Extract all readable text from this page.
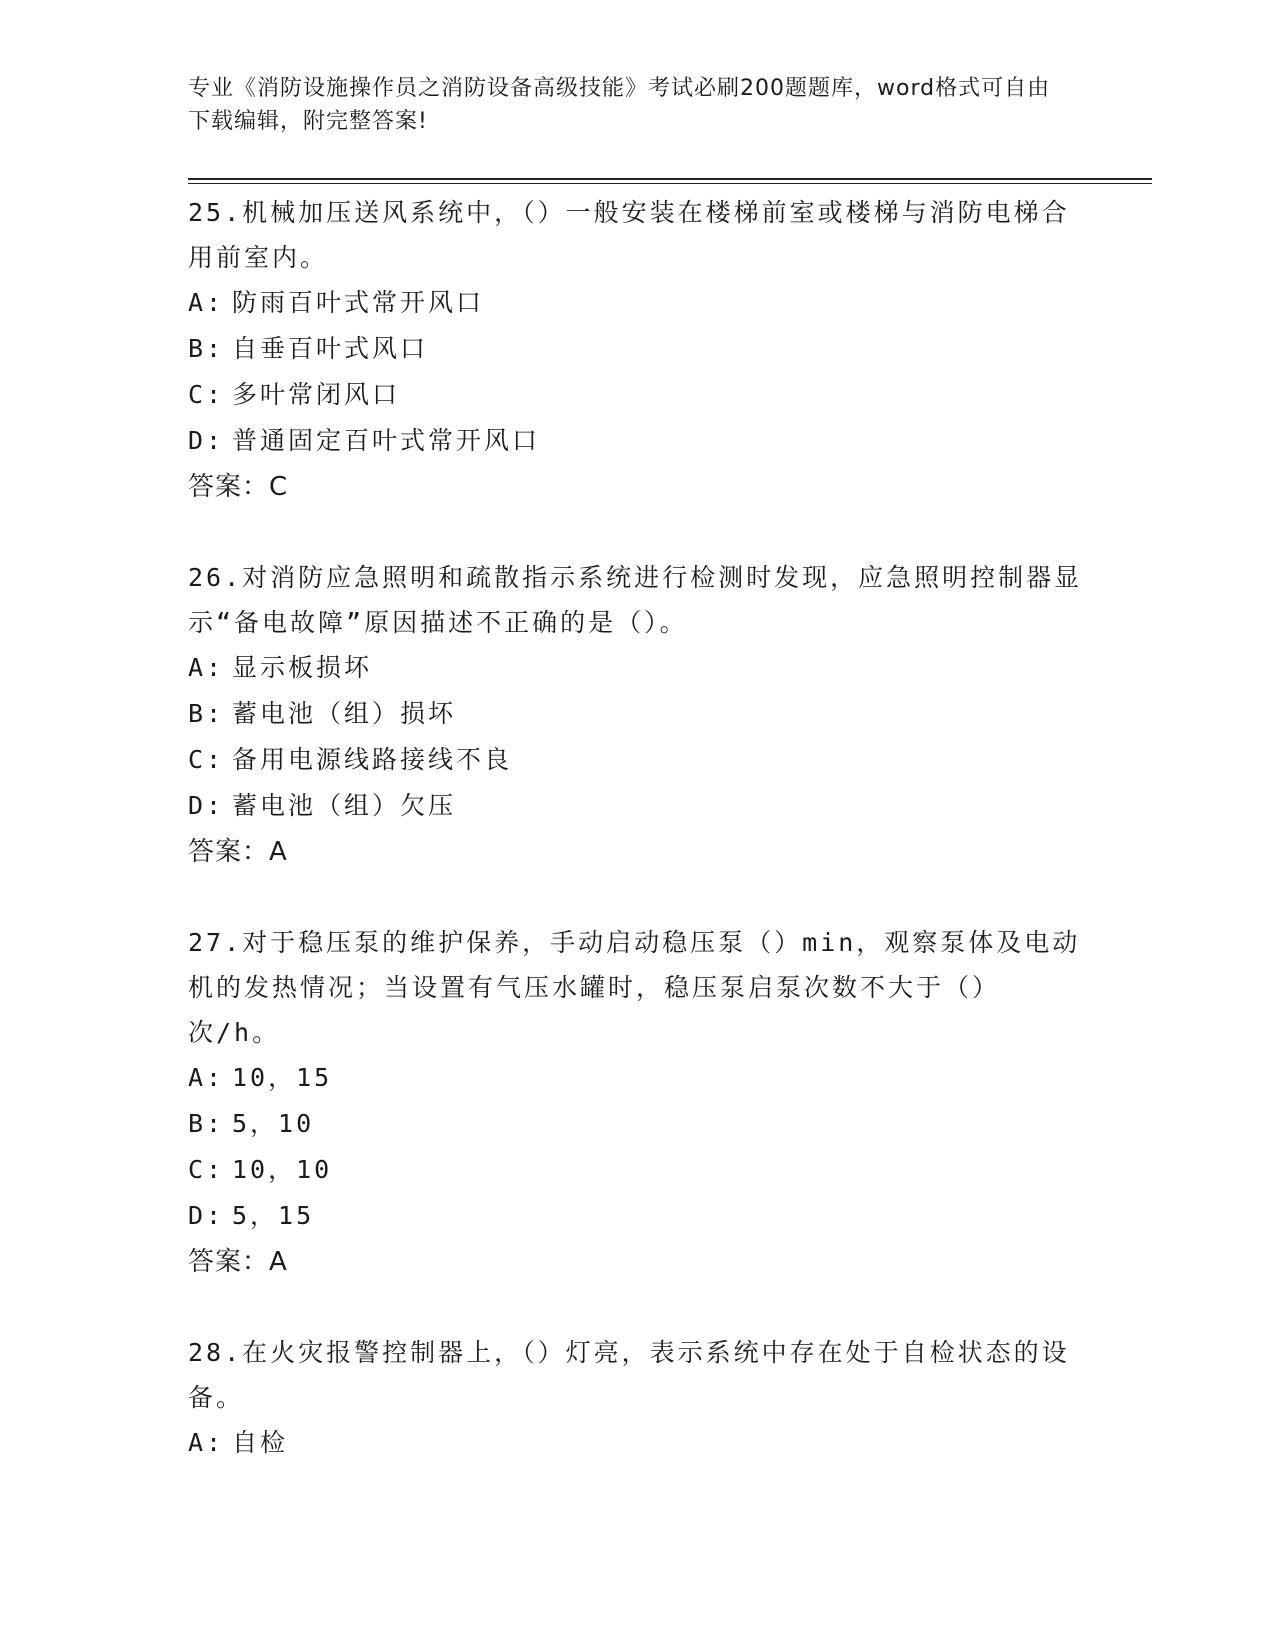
专业《消防设施操作员之消防设备高级技能》考试必刷200题题库，word格式可自由下载编辑，附完整答案!

25.机械加压送风系统中，（）一般安装在楼梯前室或楼梯与消防电梯合用前室内。

A: 防雨百叶式常开风口
B: 自垂百叶式风口
C: 多叶常闭风口
D: 普通固定百叶式常开风口
答案：C

26.对消防应急照明和疏散指示系统进行检测时发现，应急照明控制器显示“备电故障”原因描述不正确的是（）。

A: 显示板损坏
B: 蓄电池（组）损坏
C: 备用电源线路接线不良
D: 蓄电池（组）欠压
答案：A

27.对于稳压泵的维护保养，手动启动稳压泵（）min，观察泵体及电动机的发热情况；当设置有气压水罐时，稳压泵启泵次数不大于（）次/h。

A: 10，15
B: 5，10
C: 10，10
D: 5，15
答案：A

28.在火灾报警控制器上，（）灯亮，表示系统中存在处于自检状态的设备。

A: 自检
